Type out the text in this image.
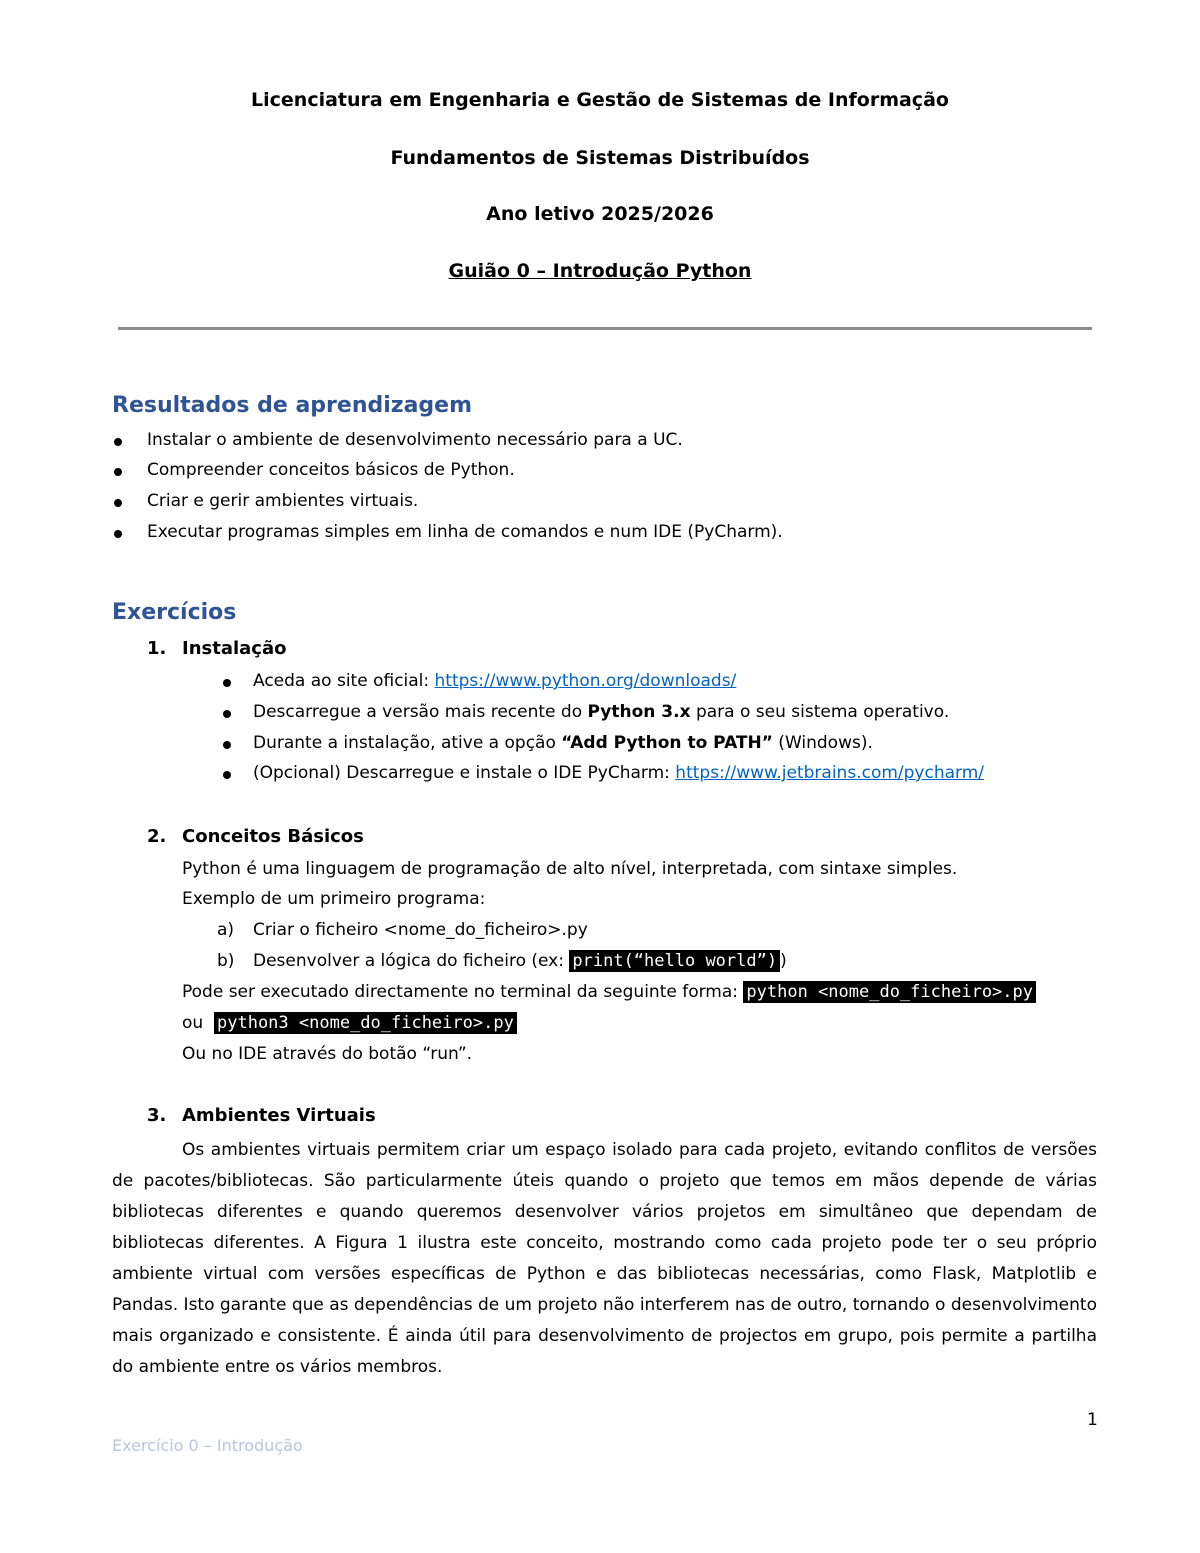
Licenciatura em Engenharia e Gestão de Sistemas de Informação
Fundamentos de Sistemas Distribuídos
Ano letivo 2025/2026
Guião 0 – Introdução Python
Resultados de aprendizagem
Instalar o ambiente de desenvolvimento necessário para a UC.
Compreender conceitos básicos de Python.
Criar e gerir ambientes virtuais.
Executar programas simples em linha de comandos e num IDE (PyCharm).
Exercícios
1. Instalação
Aceda ao site oficial: https://www.python.org/downloads/
Descarregue a versão mais recente do Python 3.x para o seu sistema operativo.
Durante a instalação, ative a opção “Add Python to PATH” (Windows).
(Opcional) Descarregue e instale o IDE PyCharm: https://www.jetbrains.com/pycharm/
2. Conceitos Básicos
Python é uma linguagem de programação de alto nível, interpretada, com sintaxe simples.
Exemplo de um primeiro programa:
a) Criar o ficheiro <nome_do_ficheiro>.py
b) Desenvolver a lógica do ficheiro (ex: print(“hello world”) )
Pode ser executado directamente no terminal da seguinte forma: python <nome_do_ficheiro>.py
ou python3 <nome_do_ficheiro>.py
Ou no IDE através do botão “run”.
3. Ambientes Virtuais
Os ambientes virtuais permitem criar um espaço isolado para cada projeto, evitando conflitos de versões de pacotes/bibliotecas. São particularmente úteis quando o projeto que temos em mãos depende de várias bibliotecas diferentes e quando queremos desenvolver vários projetos em simultâneo que dependam de bibliotecas diferentes. A Figura 1 ilustra este conceito, mostrando como cada projeto pode ter o seu próprio ambiente virtual com versões específicas de Python e das bibliotecas necessárias, como Flask, Matplotlib e Pandas. Isto garante que as dependências de um projeto não interferem nas de outro, tornando o desenvolvimento mais organizado e consistente. É ainda útil para desenvolvimento de projectos em grupo, pois permite a partilha do ambiente entre os vários membros.
1
Exercício 0 – Introdução
